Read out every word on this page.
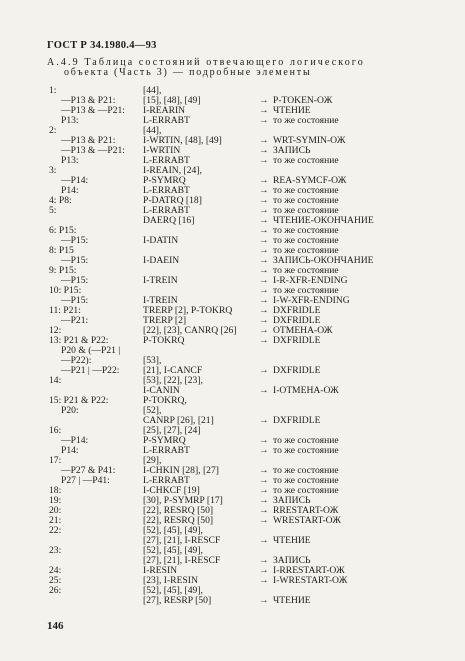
ГОСТ Р 34.1980.4—93
А.4.9 Таблица состояний отвечающего логического
объекта (Часть 3) — подробные элементы
1:	[44],
—P13 & P21:	[15], [48], [49]	→ P-TOKEN-ОЖ
—P13 & —P21: I-REARIN	→ ЧТЕНИЕ
P13:	L-ERRABT	→ то же состояние
2:	[44],
—P13 & P21:	I-WRTIN, [48], [49]	→ WRT-SYMIN-ОЖ
—P13 & —P21: I-WRTIN	→ ЗАПИСЬ
P13:	L-ERRABT	→ то же состояние
3:	I-REAIN, [24],
—P14:	P-SYMRQ	→ REA-SYMCF-ОЖ
P14:	L-ERRABT	→ то же состояние
4: P8:	P-DATRQ [18]	→ то же состояние
5:	L-ERRABT	→ то же состояние
DAERQ [16]	→ ЧТЕНИЕ-ОКОНЧАНИЕ
6: P15:	→ то же состояние
—P15:	I-DATIN	→ то же состояние
8: P15	→ то же состояние
—P15:	I-DAEIN	→ ЗАПИСЬ-ОКОНЧАНИЕ
9: P15:	→ то же состояние
—P15:	I-TREIN	→ I-R-XFR-ENDING
10: P15:	→ то же состояние
—P15:	I-TREIN	→ I-W-XFR-ENDING
11: P21:	TRERP [2], P-TOKRQ	→ DXFRIDLE
—P21:	TRERP [2]	→ DXFRIDLE
12:	[22], [23], CANRQ [26] → OTMEHA-ОЖ
13: P21 & P22:	P-TOKRQ	→ DXFRIDLE
P20 & (—P21 |
—P22):	[53],
—P21 | —P22: [21], I-CANCF	→ DXFRIDLE
14:	[53], [22], [23],
I-CANIN	→ I-ОТМЕНА-ОЖ
15: P21 & P22:	P-TOKRQ,
P20:	[52],
CANRP [26], [21]	→ DXFRIDLE
16:	[25], [27], [24]
—P14:	P-SYMRQ	→ то же состояние
P14:	L-ERRABT	→ то же состояние
17:	[29],
—P27 & P41:	I-CHKIN [28], [27]	→ то же состояние
P27 | —P41:	L-ERRABT	→ то же состояние
18:	I-CHKCF [19]	→ то же состояние
19:	[30], P-SYMRP [17]	→ ЗАПИСЬ
20:	[22], RESRQ [50]	→ RRESTART-ОЖ
21:	[22], RESRQ [50]	→ WRESTART-ОЖ
22:	[52], [45], [49],
[27], [21], I-RESCF	→ ЧТЕНИЕ
23:	[52], [45], [49],
[27], [21], I-RESCF	→ ЗАПИСЬ
24:	I-RESIN	→ I-RRESTART-ОЖ
25:	[23], I-RESIN	→ I-WRESTART-ОЖ
26:	[52], [45], [49],
[27], RESRP [50]	→ ЧТЕНИЕ
146
